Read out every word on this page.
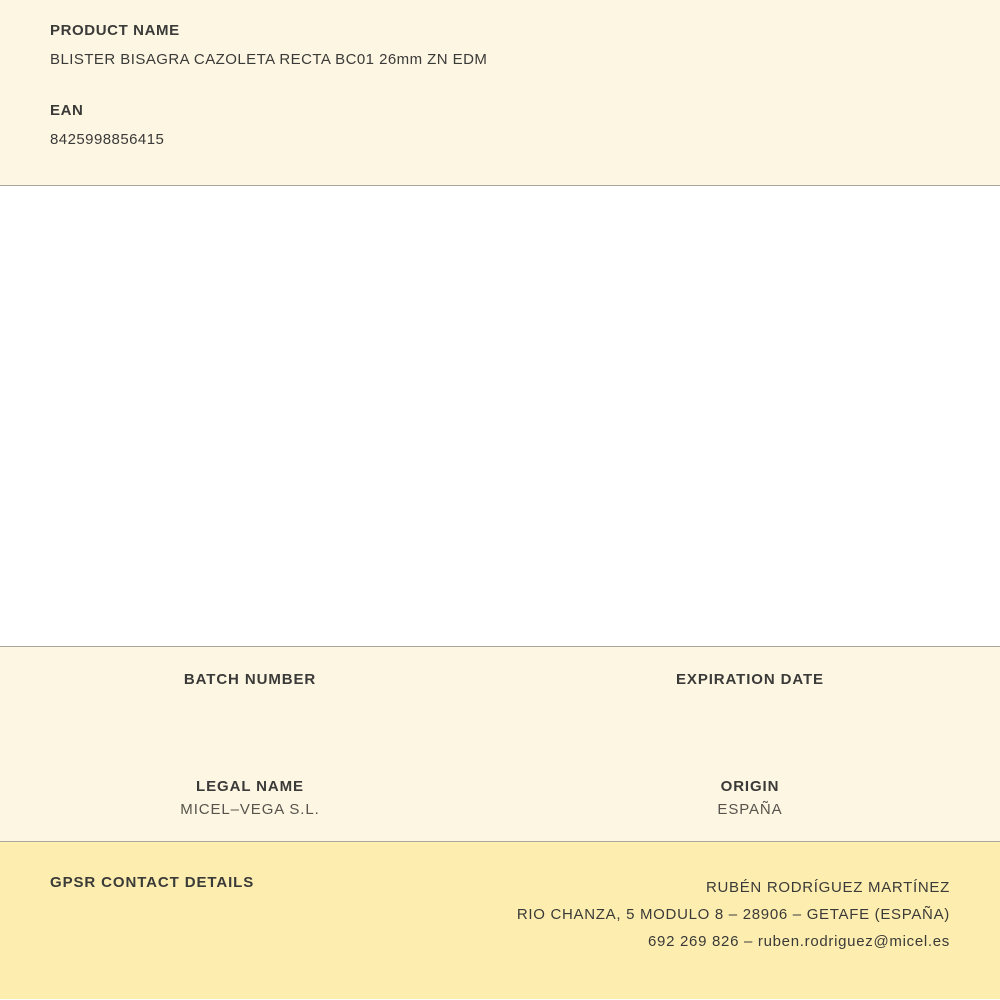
PRODUCT NAME

BLISTER BISAGRA CAZOLETA RECTA BC01 26mm ZN EDM

EAN

8425998856415

BATCH NUMBER	EXPIRATION DATE

LEGAL NAME

MICEL–VEGA S.L.

ORIGIN

ESPAÑA

GPSR CONTACT DETAILS	RUBÉN RODRÍGUEZ MARTÍNEZ
RIO CHANZA, 5 MODULO 8 – 28906 – GETAFE (ESPAÑA)
692 269 826 – ruben.rodriguez@micel.es
